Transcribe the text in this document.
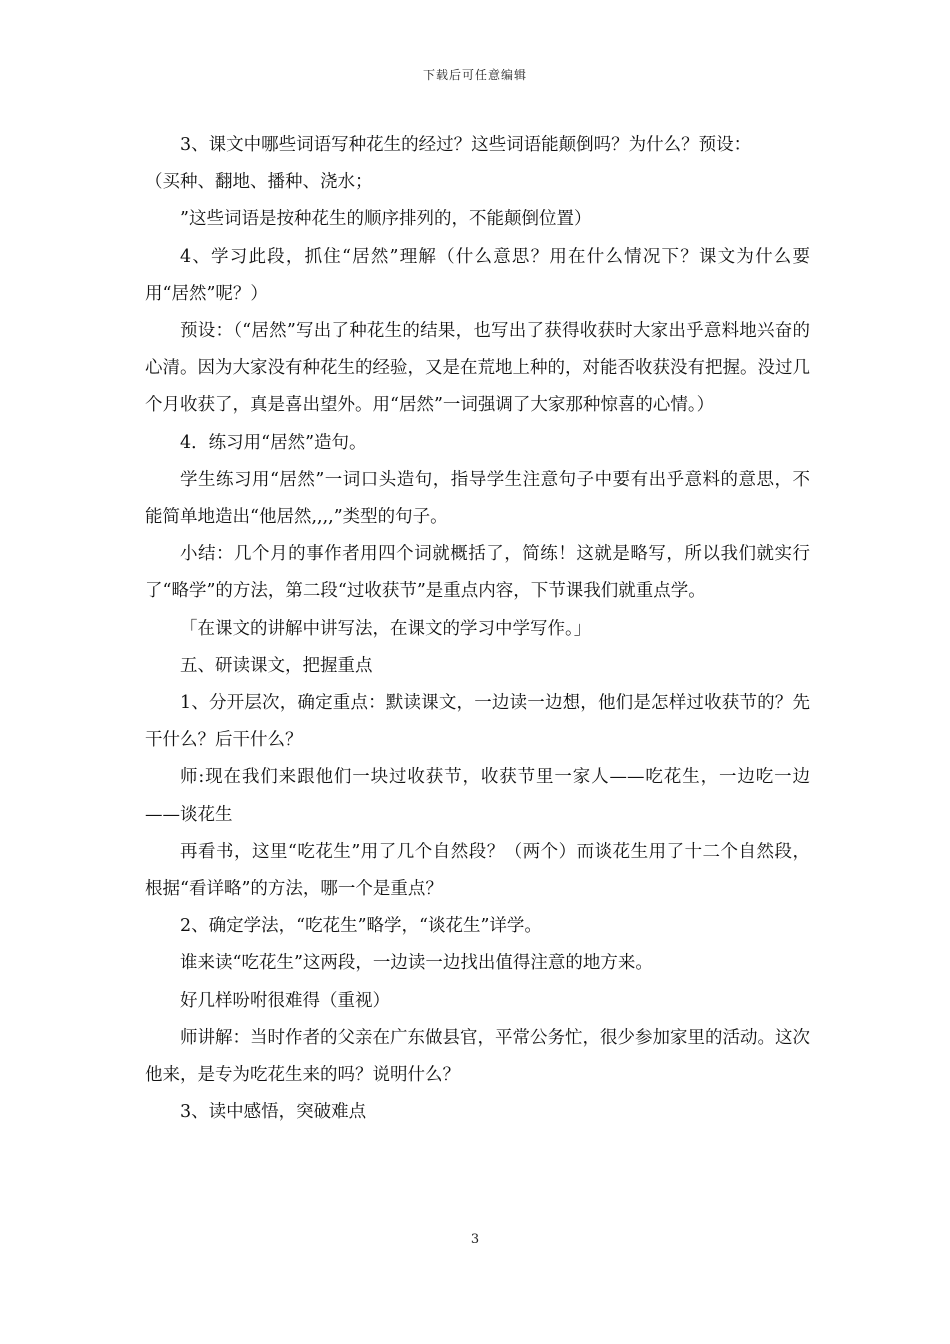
下载后可任意编辑

3、课文中哪些词语写种花生的经过？这些词语能颠倒吗？为什么？预设：

（买种、翻地、播种、浇水；

”这些词语是按种花生的顺序排列的，不能颠倒位置）

4、学习此段，抓住“居然”理解（什么意思？用在什么情况下？课文为什么要用“居然”呢？）

预设：（“居然”写出了种花生的结果，也写出了获得收获时大家出乎意料地兴奋的心清。因为大家没有种花生的经验，又是在荒地上种的，对能否收获没有把握。没过几个月收获了，真是喜出望外。用“居然”一词强调了大家那种惊喜的心情。）

4．练习用“居然”造句。

学生练习用“居然”一词口头造句，指导学生注意句子中要有出乎意料的意思，不能简单地造出“他居然,,,,”类型的句子。

小结：几个月的事作者用四个词就概括了，简练！这就是略写，所以我们就实行了“略学”的方法，第二段“过收获节”是重点内容，下节课我们就重点学。

「在课文的讲解中讲写法，在课文的学习中学写作。」

五、研读课文，把握重点

1、分开层次，确定重点：默读课文，一边读一边想，他们是怎样过收获节的？先干什么？后干什么？

师:现在我们来跟他们一块过收获节，收获节里一家人——吃花生，一边吃一边——谈花生

再看书，这里“吃花生”用了几个自然段？（两个）而谈花生用了十二个自然段，根据“看详略”的方法，哪一个是重点？

2、确定学法，“吃花生”略学，“谈花生”详学。

谁来读“吃花生”这两段，一边读一边找出值得注意的地方来。

好几样吩咐很难得（重视）

师讲解：当时作者的父亲在广东做县官，平常公务忙，很少参加家里的活动。这次他来，是专为吃花生来的吗？说明什么？

3、读中感悟，突破难点

3
